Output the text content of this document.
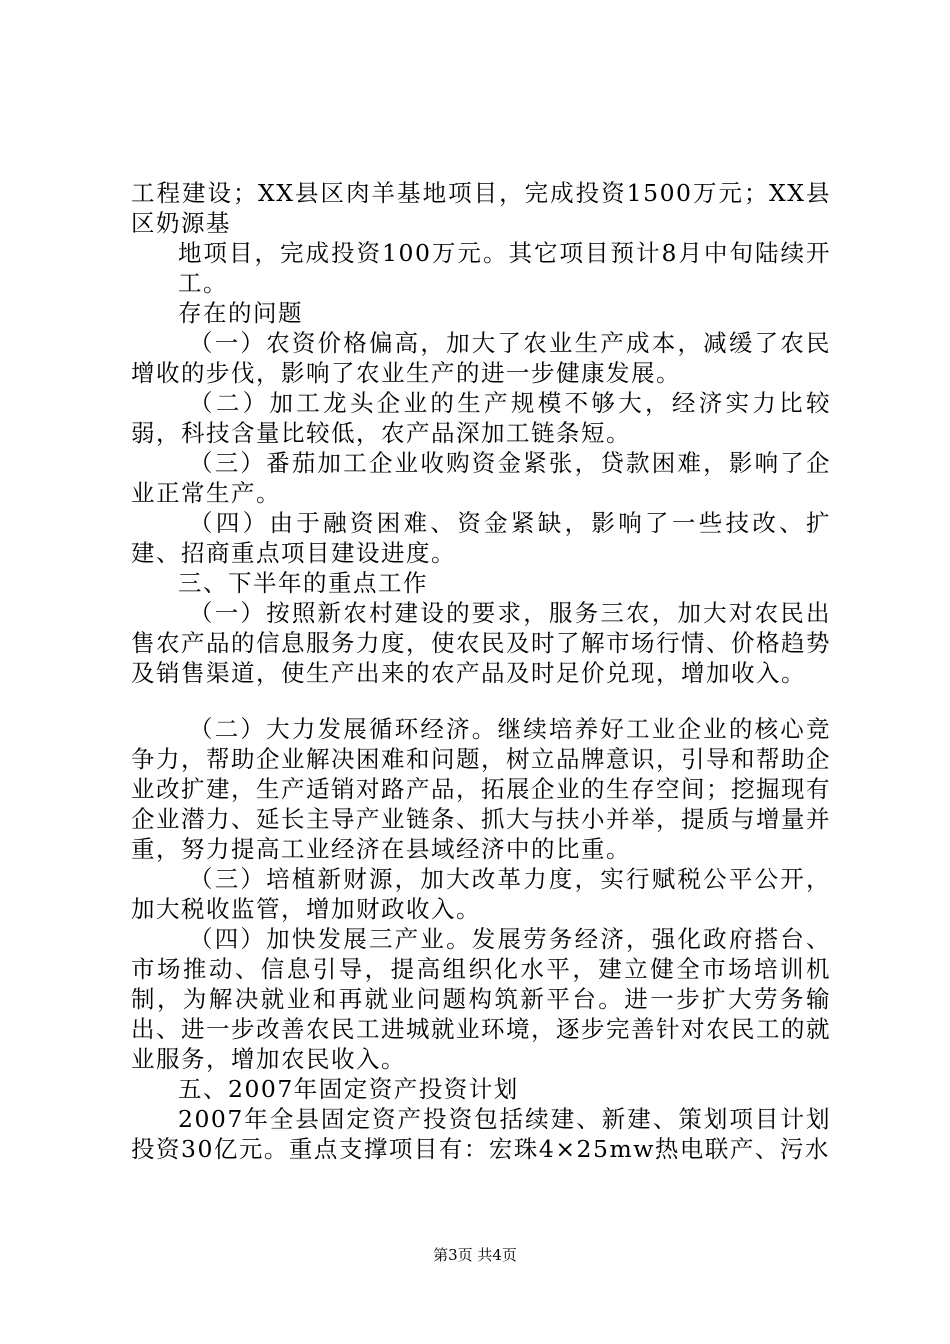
工程建设；XX县区肉羊基地项目，完成投资1500万元；XX县区奶源基

地项目，完成投资100万元。其它项目预计8月中旬陆续开工。

存在的问题

（一）农资价格偏高，加大了农业生产成本，减缓了农民增收的步伐，影响了农业生产的进一步健康发展。

（二）加工龙头企业的生产规模不够大，经济实力比较弱，科技含量比较低，农产品深加工链条短。

（三）番茄加工企业收购资金紧张，贷款困难，影响了企业正常生产。

（四）由于融资困难、资金紧缺，影响了一些技改、扩建、招商重点项目建设进度。

三、下半年的重点工作

（一）按照新农村建设的要求，服务三农，加大对农民出售农产品的信息服务力度，使农民及时了解市场行情、价格趋势及销售渠道，使生产出来的农产品及时足价兑现，增加收入。

（二）大力发展循环经济。继续培养好工业企业的核心竞争力，帮助企业解决困难和问题，树立品牌意识，引导和帮助企业改扩建，生产适销对路产品，拓展企业的生存空间；挖掘现有企业潜力、延长主导产业链条、抓大与扶小并举，提质与增量并重，努力提高工业经济在县域经济中的比重。

（三）培植新财源，加大改革力度，实行赋税公平公开，加大税收监管，增加财政收入。

（四）加快发展三产业。发展劳务经济，强化政府搭台、市场推动、信息引导，提高组织化水平，建立健全市场培训机制，为解决就业和再就业问题构筑新平台。进一步扩大劳务输出、进一步改善农民工进城就业环境，逐步完善针对农民工的就业服务，增加农民收入。

五、2007年固定资产投资计划

2007年全县固定资产投资包括续建、新建、策划项目计划投资30亿元。重点支撑项目有：宏珠4×25mw热电联产、污水

第3页 共4页
